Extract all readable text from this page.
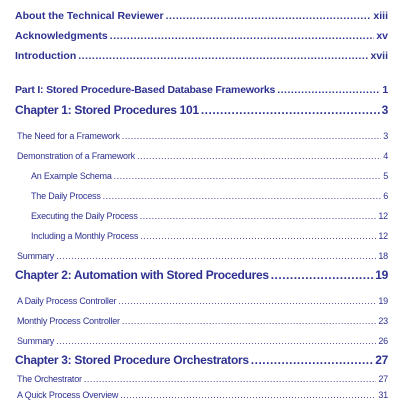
About the Technical Reviewer .....	xiii
Acknowledgments .....	xv
Introduction .....	xvii
Part I: Stored Procedure-Based Database Frameworks .....	1
Chapter 1: Stored Procedures 101 .....	3
The Need for a Framework .....	3
Demonstration of a Framework .....	4
An Example Schema .....	5
The Daily Process .....	6
Executing the Daily Process .....	12
Including a Monthly Process .....	12
Summary .....	18
Chapter 2: Automation with Stored Procedures .....	19
A Daily Process Controller .....	19
Monthly Process Controller .....	23
Summary .....	26
Chapter 3: Stored Procedure Orchestrators .....	27
The Orchestrator .....	27
A Quick Process Overview .....	31
